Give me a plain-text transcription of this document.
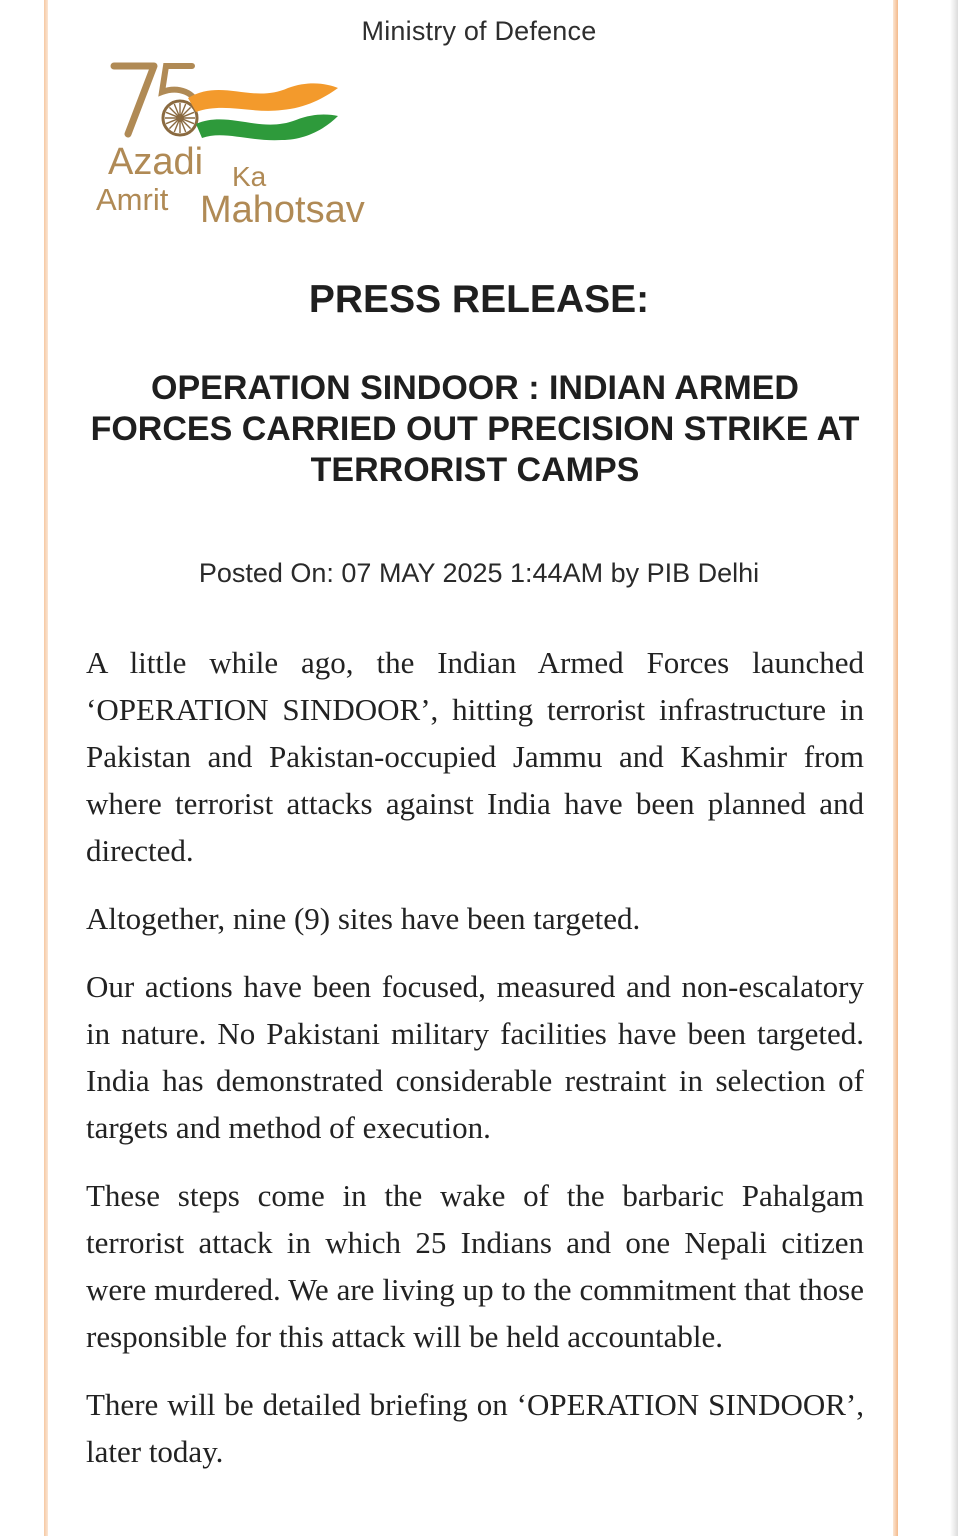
Ministry of Defence
Azadi Ka
Amrit Mahotsav
PRESS RELEASE:
OPERATION SINDOOR : INDIAN ARMED FORCES CARRIED OUT PRECISION STRIKE AT TERRORIST CAMPS
Posted On: 07 MAY 2025 1:44AM by PIB Delhi

A little while ago, the Indian Armed Forces launched ‘OPERATION SINDOOR’, hitting terrorist infrastructure in Pakistan and Pakistan-occupied Jammu and Kashmir from where terrorist attacks against India have been planned and directed.

Altogether, nine (9) sites have been targeted.

Our actions have been focused, measured and non-escalatory in nature. No Pakistani military facilities have been targeted. India has demonstrated considerable restraint in selection of targets and method of execution.

These steps come in the wake of the barbaric Pahalgam terrorist attack in which 25 Indians and one Nepali citizen were murdered. We are living up to the commitment that those responsible for this attack will be held accountable.

There will be detailed briefing on ‘OPERATION SINDOOR’, later today.
